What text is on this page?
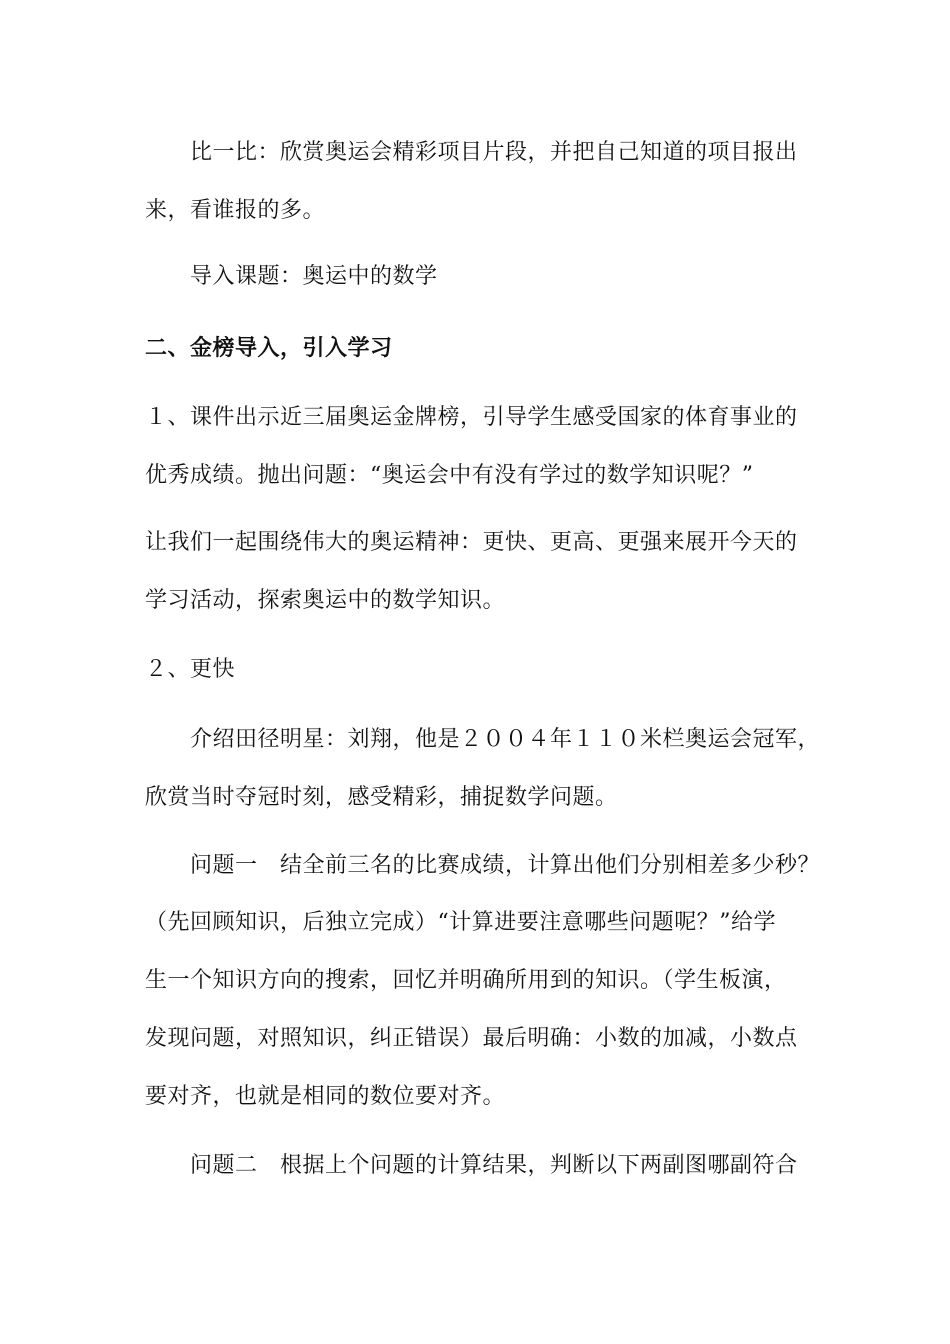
比一比：欣赏奥运会精彩项目片段，并把自己知道的项目报出
来，看谁报的多。
导入课题：奥运中的数学
二、金榜导入，引入学习
１、课件出示近三届奥运金牌榜，引导学生感受国家的体育事业的
优秀成绩。抛出问题：“奥运会中有没有学过的数学知识呢？”
让我们一起围绕伟大的奥运精神：更快、更高、更强来展开今天的
学习活动，探索奥运中的数学知识。
２、更快
介绍田径明星：刘翔，他是２００４年１１０米栏奥运会冠军，
欣赏当时夺冠时刻，感受精彩，捕捉数学问题。
问题一　结全前三名的比赛成绩，计算出他们分别相差多少秒？
（先回顾知识，后独立完成）“计算进要注意哪些问题呢？”给学
生一个知识方向的搜索，回忆并明确所用到的知识。（学生板演，
发现问题，对照知识，纠正错误）最后明确：小数的加减，小数点
要对齐，也就是相同的数位要对齐。
问题二　根据上个问题的计算结果，判断以下两副图哪副符合
